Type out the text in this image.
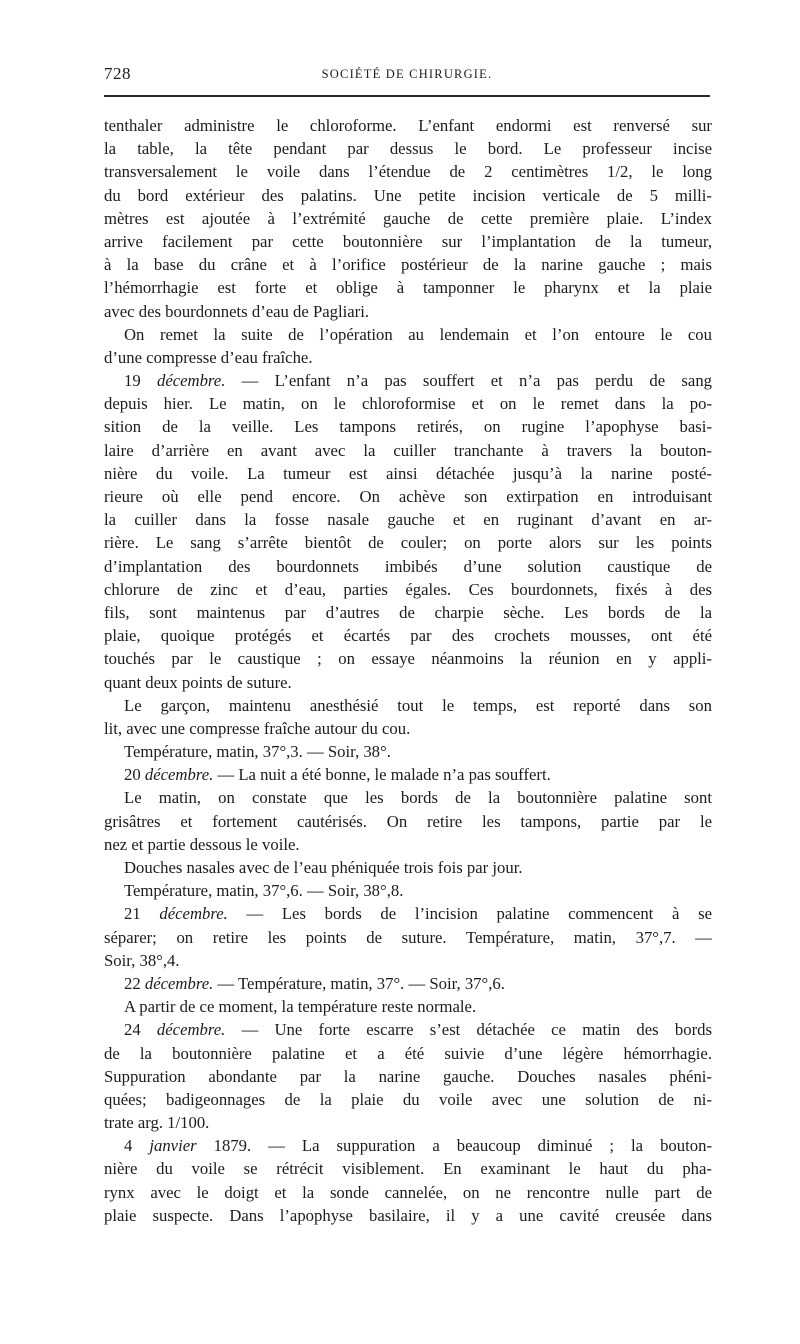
728	SOCIÉTÉ DE CHIRURGIE.
tenthaler administre le chloroforme. L’enfant endormi est renversé sur
la table, la tête pendant par dessus le bord. Le professeur incise
transversalement le voile dans l’étendue de 2 centimètres 1/2, le long
du bord extérieur des palatins. Une petite incision verticale de 5 milli-
mètres est ajoutée à l’extrémité gauche de cette première plaie. L’index
arrive facilement par cette boutonnière sur l’implantation de la tumeur,
à la base du crâne et à l’orifice postérieur de la narine gauche ; mais
l’hémorrhagie est forte et oblige à tamponner le pharynx et la plaie
avec des bourdonnets d’eau de Pagliari.
On remet la suite de l’opération au lendemain et l’on entoure le cou
d’une compresse d’eau fraîche.
19 décembre. — L’enfant n’a pas souffert et n’a pas perdu de sang
depuis hier. Le matin, on le chloroformise et on le remet dans la po-
sition de la veille. Les tampons retirés, on rugine l’apophyse basi-
laire d’arrière en avant avec la cuiller tranchante à travers la bouton-
nière du voile. La tumeur est ainsi détachée jusqu’à la narine posté-
rieure où elle pend encore. On achève son extirpation en introduisant
la cuiller dans la fosse nasale gauche et en ruginant d’avant en ar-
rière. Le sang s’arrête bientôt de couler; on porte alors sur les points
d’implantation des bourdonnets imbibés d’une solution caustique de
chlorure de zinc et d’eau, parties égales. Ces bourdonnets, fixés à des
fils, sont maintenus par d’autres de charpie sèche. Les bords de la
plaie, quoique protégés et écartés par des crochets mousses, ont été
touchés par le caustique ; on essaye néanmoins la réunion en y appli-
quant deux points de suture.
Le garçon, maintenu anesthésié tout le temps, est reporté dans son
lit, avec une compresse fraîche autour du cou.
Température, matin, 37°,3. — Soir, 38°.
20 décembre. — La nuit a été bonne, le malade n’a pas souffert.
Le matin, on constate que les bords de la boutonnière palatine sont
grisâtres et fortement cautérisés. On retire les tampons, partie par le
nez et partie dessous le voile.
Douches nasales avec de l’eau phéniquée trois fois par jour.
Température, matin, 37°,6. — Soir, 38°,8.
21 décembre. — Les bords de l’incision palatine commencent à se
séparer; on retire les points de suture. Température, matin, 37°,7. —
Soir, 38°,4.
22 décembre. — Température, matin, 37°. — Soir, 37°,6.
A partir de ce moment, la température reste normale.
24 décembre. — Une forte escarre s’est détachée ce matin des bords
de la boutonnière palatine et a été suivie d’une légère hémorrhagie.
Suppuration abondante par la narine gauche. Douches nasales phéni-
quées; badigeonnages de la plaie du voile avec une solution de ni-
trate arg. 1/100.
4 janvier 1879. — La suppuration a beaucoup diminué ; la bouton-
nière du voile se rétrécit visiblement. En examinant le haut du pha-
rynx avec le doigt et la sonde cannelée, on ne rencontre nulle part de
plaie suspecte. Dans l’apophyse basilaire, il y a une cavité creusée dans
